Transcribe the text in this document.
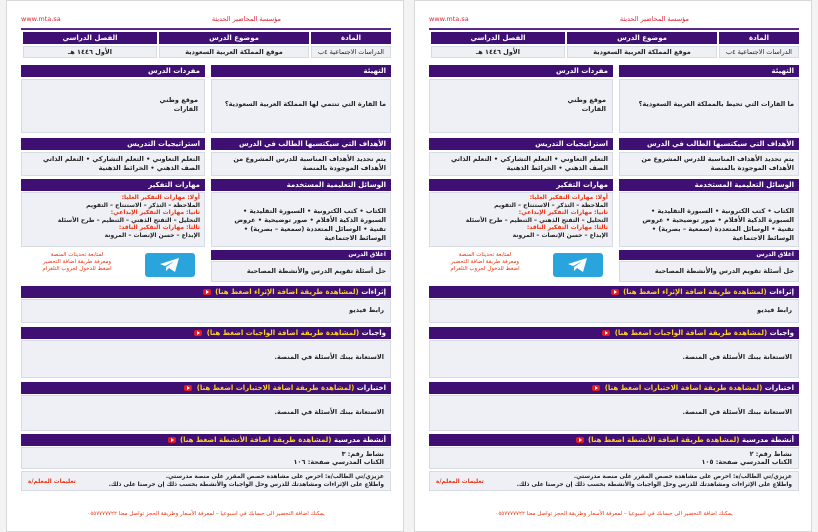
www.mta.sa	مؤسسة المحاضير الحديثة
المادة
موضوع الدرس
الفصل الدراسي
الدراسات الاجتماعية ٤ب
موقع المملكة العربية السعودية
الأول ١٤٤٦ هـ
التهيئة
مفردات الدرس
ما القارات التي تحيط بالمملكة العربية السعودية؟
موقع وطني
القارات
الأهداف التي سيكتسبها الطالب في الدرس
استراتيجيات التدريس
يتم تحديد الأهداف المناسبة للدرس المشروع من الأهداف الموجودة بالمنصة
التعلم التعاوني • التعلم التشاركي • التعلم الذاتي الصف الذهني • الخرائط الذهنية
الوسائل التعليمية المستخدمة
مهارات التفكير
الكتاب • كتب الكترونية • السبورة التقليدية • السبورة الذكية الأقلام • صور توضيحية • عروض تقنية • الوسائل المتعددة (سمعية – بصرية) • الوسائط الاجتماعية
أولا: مهارات التفكير العليا:
الملاحظة – التذكر – الاستنتاج – التقويم
ثانيا: مهارات التفكير الإبداعي:
التحليل – التفتح الذهني – التنظيم – طرح الأسئلة
ثالثا: مهارات التفكير الناقد:
الإبداع – حسن الإنصات – المرونة
اغلاق الدرس
حل أسئلة تقويم الدرس والأنشطة المصاحبة
لمتابعة تحديثات المنصة
ومعرفة طريقة اضافة التحضير
اضغط للدخول لجروب التلغرام
إثراءات (لمشاهدة طريقة اضافة الإثراء اضغط هنا)
رابط فيديو
واجبات (لمشاهدة طريقة اضافة الواجبات اضغط هنا)
الاستعانة ببنك الأسئلة في المنصة.
اختبارات (لمشاهدة طريقة اضافة الاختبارات اضغط هنا)
الاستعانة ببنك الأسئلة في المنصة.
أنشطة مدرسية (لمشاهدة طريقة اضافة الأنشطة اضغط هنا)
نشاط رقم: ٢
الكتاب المدرسي صفحة: ١٠٥
عزيزي/تي الطالب/ة: احرص على مشاهدة حصص المقرر على منصة مدرستي.
واطلاع على الإثراءات ومشاهدتك للدرس وحل الواجبات والأنشطة بحسب ذلك إن حرصنا على ذلك.
تعليمات المعلم/ة
يمكنك اضافة التحضير الى حسابك في اسبوعيا – لمعرفة الأسعار وطريقة الحجز تواصل معنا ٠٥٥٧٧٧٧٧٢٢
www.mta.sa	مؤسسة المحاضير الحديثة
المادة
موضوع الدرس
الفصل الدراسي
الدراسات الاجتماعية ٤ب
موقع المملكة العربية السعودية
الأول ١٤٤٦ هـ
التهيئة
مفردات الدرس
ما القارة التي تنتمي لها المملكة العربية السعودية؟
موقع وطني
القارات
الأهداف التي سيكتسبها الطالب في الدرس
استراتيجيات التدريس
يتم تحديد الأهداف المناسبة للدرس المشروع من الأهداف الموجودة بالمنصة
التعلم التعاوني • التعلم التشاركي • التعلم الذاتي الصف الذهني • الخرائط الذهنية
الوسائل التعليمية المستخدمة
مهارات التفكير
الكتاب • كتب الكترونية • السبورة التقليدية • السبورة الذكية الأقلام • صور توضيحية • عروض تقنية • الوسائل المتعددة (سمعية – بصرية) • الوسائط الاجتماعية
أولا: مهارات التفكير العليا:
الملاحظة – التذكر – الاستنتاج – التقويم
ثانيا: مهارات التفكير الإبداعي:
التحليل – التفتح الذهني – التنظيم – طرح الأسئلة
ثالثا: مهارات التفكير الناقد:
الإبداع – حسن الإنصات – المرونة
اغلاق الدرس
حل أسئلة تقويم الدرس والأنشطة المصاحبة
لمتابعة تحديثات المنصة
ومعرفة طريقة اضافة التحضير
اضغط للدخول لجروب التلغرام
إثراءات (لمشاهدة طريقة اضافة الإثراء اضغط هنا)
رابط فيديو
واجبات (لمشاهدة طريقة اضافة الواجبات اضغط هنا)
الاستعانة ببنك الأسئلة في المنصة.
اختبارات (لمشاهدة طريقة اضافة الاختبارات اضغط هنا)
الاستعانة ببنك الأسئلة في المنصة.
أنشطة مدرسية (لمشاهدة طريقة اضافة الأنشطة اضغط هنا)
نشاط رقم: ٣
الكتاب المدرسي صفحة: ١٠٦
عزيزي/تي الطالب/ة: احرص على مشاهدة حصص المقرر على منصة مدرستي.
واطلاع على الإثراءات ومشاهدتك للدرس وحل الواجبات والأنشطة بحسب ذلك إن حرصنا على ذلك.
تعليمات المعلم/ة
يمكنك اضافة التحضير الى حسابك في اسبوعيا – لمعرفة الأسعار وطريقة الحجز تواصل معنا ٠٥٥٧٧٧٧٧٢٢
